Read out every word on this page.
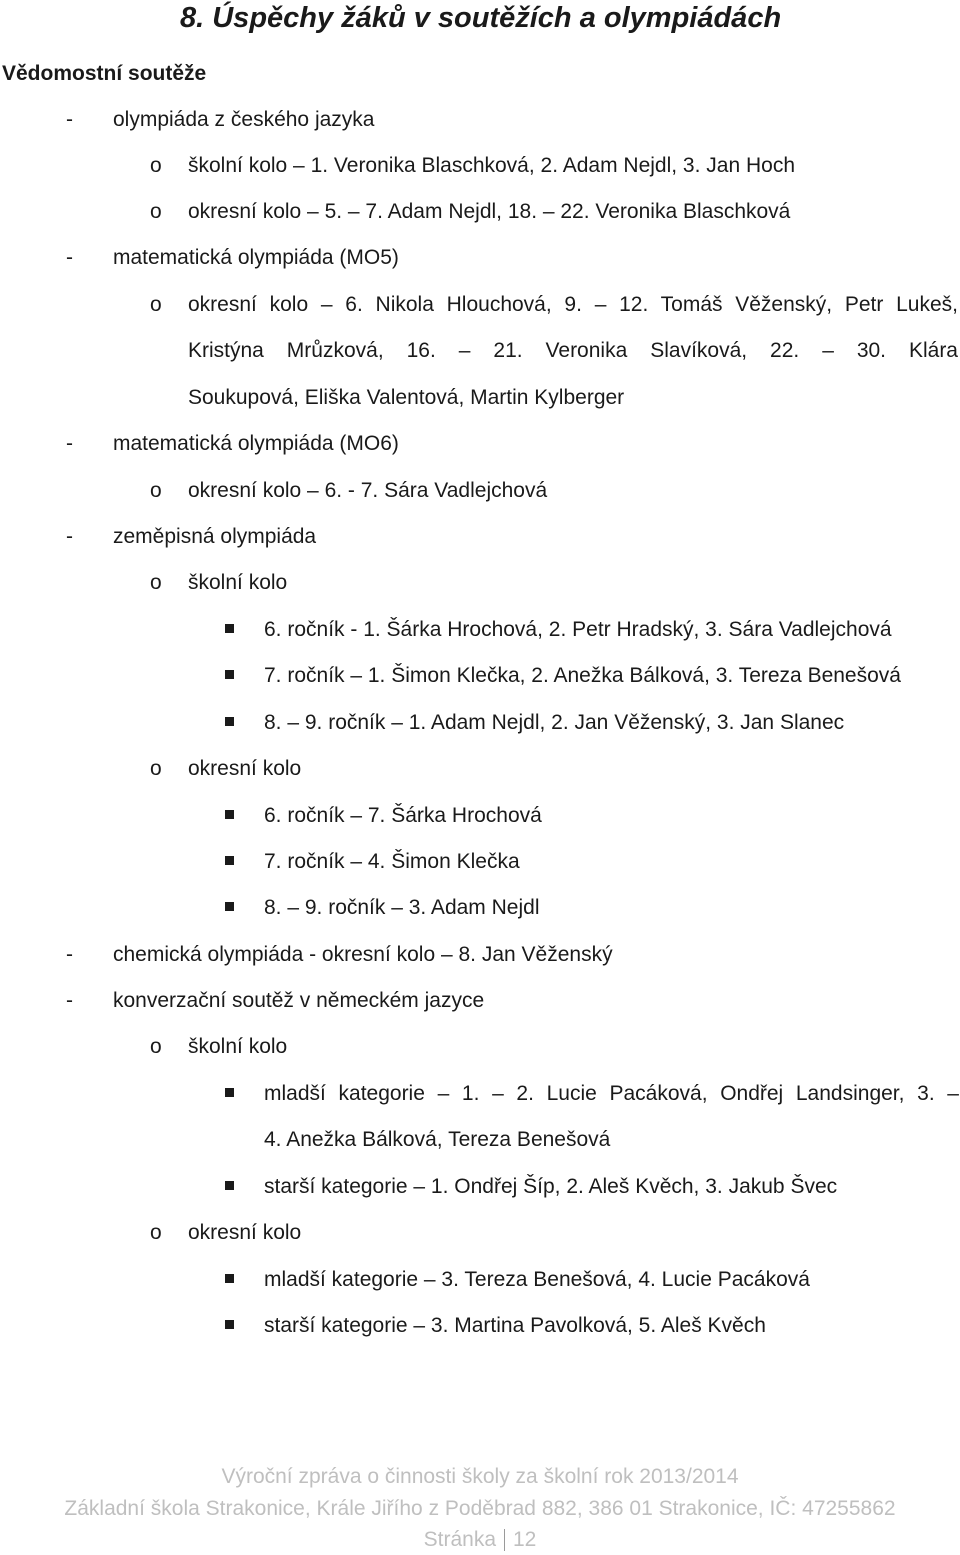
8. Úspěchy žáků v soutěžích a olympiádách
Vědomostní soutěže
- olympiáda z českého jazyka
o školní kolo – 1. Veronika Blaschková, 2. Adam Nejdl, 3. Jan Hoch
o okresní kolo – 5. – 7. Adam Nejdl, 18. – 22. Veronika Blaschková
- matematická olympiáda (MO5)
o okresní kolo – 6. Nikola Hlouchová, 9. – 12. Tomáš Věženský, Petr Lukeš,
Kristýna Mrůzková, 16. – 21. Veronika Slavíková, 22. – 30. Klára
Soukupová, Eliška Valentová, Martin Kylberger
- matematická olympiáda (MO6)
o okresní kolo – 6. - 7. Sára Vadlejchová
- zeměpisná olympiáda
o školní kolo
6. ročník - 1. Šárka Hrochová, 2. Petr Hradský, 3. Sára Vadlejchová
7. ročník – 1. Šimon Klečka, 2. Anežka Bálková, 3. Tereza Benešová
8. – 9. ročník – 1. Adam Nejdl, 2. Jan Věženský, 3. Jan Slanec
o okresní kolo
6. ročník – 7. Šárka Hrochová
7. ročník – 4. Šimon Klečka
8. – 9. ročník – 3. Adam Nejdl
- chemická olympiáda - okresní kolo – 8. Jan Věženský
- konverzační soutěž v německém jazyce
o školní kolo
mladší kategorie – 1. – 2. Lucie Pacáková, Ondřej Landsinger, 3. –
4. Anežka Bálková, Tereza Benešová
starší kategorie – 1. Ondřej Šíp, 2. Aleš Kvěch, 3. Jakub Švec
o okresní kolo
mladší kategorie – 3. Tereza Benešová, 4. Lucie Pacáková
starší kategorie – 3. Martina Pavolková, 5. Aleš Kvěch
Výroční zpráva o činnosti školy za školní rok 2013/2014
Základní škola Strakonice, Krále Jiřího z Poděbrad 882, 386 01 Strakonice, IČ: 47255862
Stránka 12
